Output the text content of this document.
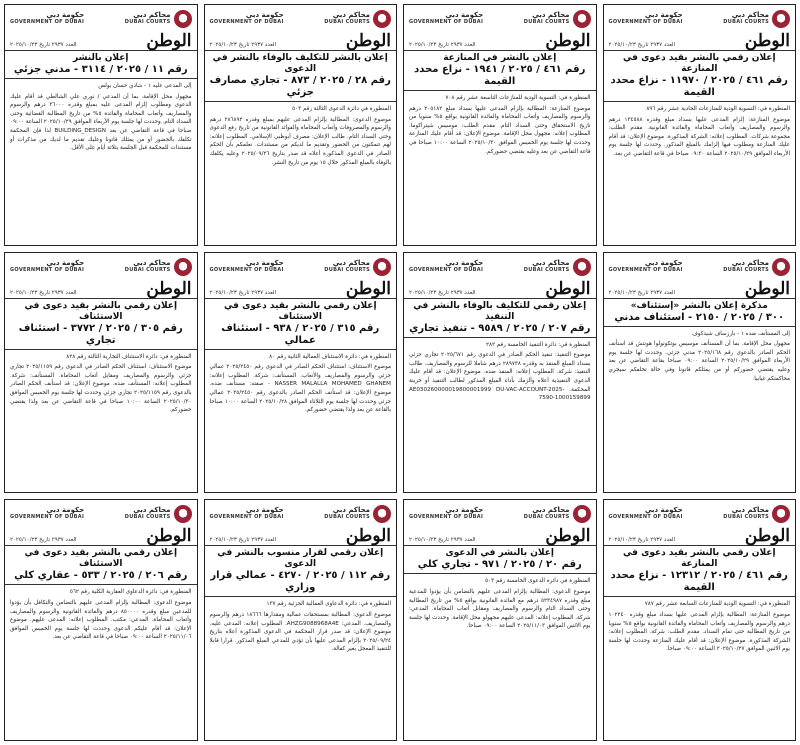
محاكم دبي
DUBAI COURTS
حكومة دبي
GOVERNMENT OF DUBAI
الوطن
العدد ٢٩٣٧ تاريخ ٢٠٢٥/١٠/٢٣
إعلان بالنشر
رقم ١١ / ٢٠٢٥ / ٣١١٤ - مدني جزئي

إلى المدعى عليه ١ - شادي حسان بولص

مجهول محل الإقامة. بما أن المدعي / نوري علي الشالطي قد أقام عليك الدعوى ومطلوب إلزام المدعى عليه بمبلغ وقدره ٣٦٠٠٠ درهم والرسوم والمصاريف وأتعاب المحاماة والفائدة ٥% من تاريخ المطالبة القضائية وحتى السداد التام. وحددت لها جلسة يوم الأربعاء الموافق ٢٠٢٥/١٠/٢٩ الساعة ٠٩:٠٠ صباحا في قاعة التقاضي عن بعد BUILDING_DESIGN لذا فإن المحكمة تكلفك بالحضور أو من يمثلك قانونا وعليك تقديم ما لديك من مذكرات أو مستندات للمحكمة قبل الجلسة بثلاثة أيام على الأقل.

محاكم دبي
DUBAI COURTS
حكومة دبي
GOVERNMENT OF DUBAI
الوطن
العدد ٢٩٣٧ تاريخ ٢٠٢٥/١٠/٢٣
إعلان بالنشر للتكليف بالوفاء بالنشر في الدعوى
رقم ٢٨ / ٢٠٢٥ / ٨٧٣ - تجاري مصارف جزئي

المنظورة في دائرة الدعوى الثالثة رقم ٥٠٣

موضوع الدعوى: المطالبة بإلزام المدعى عليهم بمبلغ وقدره ٢٨٦٨٩٢ درهم والرسوم والمصروفات وأتعاب المحاماة والفوائد القانونية من تاريخ رفع الدعوى وحتى السداد التام. طالب الإعلان: مصرف أبوظبي الإسلامي. المطلوب إعلانه: لهم تتمكنون من الحضور وتقديم ما لديكم من مستندات. نعلمكم بأن الحكم الصادر في الدعوى المذكورة أعلاه قد صدر بتاريخ ٢٠٢٥/٠٩/٢٦ وعليه يكلفك بالوفاء بالمبلغ المذكور خلال ١٥ يوم من تاريخ النشر.

محاكم دبي
DUBAI COURTS
حكومة دبي
GOVERNMENT OF DUBAI
الوطن
العدد ٢٩٣٧ تاريخ ٢٠٢٥/١٠/٢٣
إعلان بالنشر في المنازعة
رقم ٤٦١ / ٢٠٢٥ / ١٩٤١ - نزاع محدد القيمة

المنظورة في: التسوية الودية للمنازعات التاسعة عشر رقم ٧٠٨

موضوع المنازعة: المطالبة بإلزام المدعى عليها بسداد مبلغ ٢٠٥١٨٢ درهم والرسوم والمصاريف وأتعاب المحاماة والفائدة القانونية بواقع ٥% سنويا من تاريخ الاستحقاق وحتى السداد التام. مقدم الطلب: موسيس شيتراكوما. المطلوب إعلانه: مجهول محل الإقامة. موضوع الإعلان: قد أقام عليك المنازعة وحددت لها جلسة يوم الخميس الموافق ٢٠٢٥/١٠/٣٠ الساعة ١٠:٠٠ صباحا في قاعة التقاضي عن بعد وعليه يقتضي حضوركم.

محاكم دبي
DUBAI COURTS
حكومة دبي
GOVERNMENT OF DUBAI
الوطن
العدد ٢٩٣٧ تاريخ ٢٠٢٥/١٠/٢٣
إعلان رقمي بالنشر بقيد دعوى في المنازعة
رقم ٤٦١ / ٢٠٢٥ / ١١٩٧٠ - نزاع محدد القيمة

المنظورة في: التسوية الودية للمنازعات الحادية عشر رقم ٨٩٦

موضوع المنازعة: إلزام المدعى عليها بسداد مبلغ وقدره ١٣٤٥٨٨ درهم والرسوم والمصاريف وأتعاب المحاماة والفائدة القانونية. مقدم الطلب: مجموعة شركات. المطلوب إعلانه: الشركة المذكورة. موضوع الإعلان: قد أقام عليك المنازعة ومطلوب فيها إلزامك بالمبلغ المذكور. وحددت لها جلسة يوم الأربعاء الموافق ٢٠٢٥/١٠/٢٩ الساعة ٠٩:٣٠ صباحا في قاعة التقاضي عن بعد.

محاكم دبي
DUBAI COURTS
حكومة دبي
GOVERNMENT OF DUBAI
الوطن
العدد ٢٩٣٧ تاريخ ٢٠٢٥/١٠/٢٣
إعلان رقمي بالنشر بقيد دعوى في الاستئناف
رقم ٣٠٥ / ٢٠٢٥ / ٣٧٧٢ - استئناف تجاري

المنظورة في: دائرة الاستئناف التجارية الثالثة رقم ٨٢٨

موضوع الاستئناف: استئناف الحكم الصادر في الدعوى رقم ٢٠٢٥/١١٥٩ تجاري جزئي والرسوم والمصاريف ومقابل أتعاب المحاماة. المستأنف: شركة. المطلوب إعلانه: المستأنف ضده. موضوع الإعلان: قد استأنف الحكم الصادر بالدعوى رقم ٢٠٢٥/١١٥٩ تجاري جزئي وحددت لها جلسة يوم الخميس الموافق ٢٠٢٥/١٠/٣٠ الساعة ١٠:٠٠ صباحا في قاعة التقاضي عن بعد ولذا يقتضي حضوركم.

محاكم دبي
DUBAI COURTS
حكومة دبي
GOVERNMENT OF DUBAI
الوطن
العدد ٢٩٣٧ تاريخ ٢٠٢٥/١٠/٢٣
إعلان رقمي بالنشر بقيد دعوى في الاستئناف
رقم ٣١٥ / ٢٠٢٥ / ٩٣٨ - استئناف عمالي

المنظورة في: دائرة الاستئناف العمالية الثانية رقم ٨٠

موضوع الاستئناف: استئناف الحكم الصادر في الدعوى رقم ٢٠٢٥/٢٤٥٠ عمالي جزئي والرسوم والمصاريف والأتعاب. المستأنف: شركة. المطلوب إعلانه: NASSER MALALLA MOHAMED GHANEM - صفته: مستأنف ضده. موضوع الإعلان: قد استأنف الحكم الصادر بالدعوى رقم ٢٠٢٥/٢٤٥٠ عمالي جزئي وحددت لها جلسة يوم الثلاثاء الموافق ٢٠٢٥/١٠/٢٨ الساعة ١٠:٠٠ صباحا بالقاعة عن بعد ولذا يقتضي حضوركم.

محاكم دبي
DUBAI COURTS
حكومة دبي
GOVERNMENT OF DUBAI
الوطن
العدد ٢٩٣٧ تاريخ ٢٠٢٥/١٠/٢٣
إعلان رقمي للتكليف بالوفاء بالنشر في التنفيذ
رقم ٢٠٧ / ٢٠٢٥ / ٩٥٨٩ - تنفيذ تجاري

المنظورة في: دائرة التنفيذ الخامسة رقم ٢٨٢

موضوع التنفيذ: تنفيذ الحكم الصادر في الدعوى رقم ٢٠٢٥/٦٧١ تجاري جزئي بسداد المبلغ المنفذ به وقدره ٢٨٩٧٣٨ درهم شاملا للرسوم والمصاريف. طالب التنفيذ: شركة. المطلوب إعلانه: المنفذ ضده. موضوع الإعلان: قد أقام عليك الدعوى التنفيذية أعلاه وألزمك بأداء المبلغ المذكور لطالب التنفيذ أو خزينة المحكمة. AE030260000019800001999 DU-VAC-ACCOUNT-2025-7590-1000159899

محاكم دبي
DUBAI COURTS
حكومة دبي
GOVERNMENT OF DUBAI
الوطن
العدد ٢٩٣٧ تاريخ ٢٠٢٥/١٠/٢٣
مذكرة إعلان بالنشر «إستئناف»
٣٠٠ / ٢٠٢٥ / ٢١٥٠ - استئناف مدني

إلى المستأنف ضده ١ - بارزساف شيدكوف

مجهول محل الإقامة. بما أن المستأنف موسيس بوتكونولوا هونتش قد استأنف الحكم الصادر بالدعوى رقم ٢٠٢٥/١٦٨ مدني جزئي. وحددت لها جلسة يوم الأربعاء الموافق ٢٠٢٥/١٠/٢٩ الساعة ٠٩:٠٠ صباحا بقاعة التقاضي عن بعد وعليه يقتضي حضوركم أو من يمثلكم قانونا وفي حالة تخلفكم سيجري محاكمتكم غيابيا.

محاكم دبي
DUBAI COURTS
حكومة دبي
GOVERNMENT OF DUBAI
الوطن
العدد ٢٩٣٧ تاريخ ٢٠٢٥/١٠/٢٣
إعلان رقمي بالنشر بقيد دعوى في الاستئناف
رقم ٢٠٦ / ٢٠٢٥ / ٥٣٣ - عقاري كلي

المنظورة في: دائرة الدعاوى العقارية الكلية رقم ٥٦٢

موضوع الدعوى: المطالبة بإلزام المدعى عليهم بالتضامن والتكافل بأن يؤدوا للمدعين مبلغ وقدره ٨٥٠٠٠٠ درهم والفائدة القانونية والرسوم والمصاريف وأتعاب المحاماة. المدعي: مكتب. المطلوب إعلانه: المدعى عليهم. موضوع الإعلان: قد أقام عليكم الدعوى وحددت لها جلسة يوم الخميس الموافق ٢٠٢٥/١١/٠٦ الساعة ٠٩:٠٠ صباحا في قاعة التقاضي عن بعد.

محاكم دبي
DUBAI COURTS
حكومة دبي
GOVERNMENT OF DUBAI
الوطن
العدد ٢٩٣٧ تاريخ ٢٠٢٥/١٠/٢٣
إعلان رقمي لقرار منسوب بالنشر في الدعوى
رقم ١١٢ / ٢٠٢٥ / ٤٢٧٠ - عمالي قرار وزاري

المنظورة في: دائرة الدعاوى العمالية الجزئية رقم ١٣٧

موضوع الدعوى: المطالبة بمستحقات عمالية ومقدارها ١٨٦٦٦ درهم والرسوم والمصاريف. المدعي: AHZG9088968A4E. المطلوب إعلانه: المدعى عليه. موضوع الإعلان: قد صدر قرار المحكمة في الدعوى المذكورة أعلاه بتاريخ ٢٠٢٥/٠٩/٢٤ بإلزام المدعى عليها بأن تؤدي للمدعي المبلغ المذكور. قرارا قابلا للتنفيذ المعجل بغير كفالة.

محاكم دبي
DUBAI COURTS
حكومة دبي
GOVERNMENT OF DUBAI
الوطن
العدد ٢٩٣٧ تاريخ ٢٠٢٥/١٠/٢٣
إعلان بالنشر في الدعوى
رقم ٢٠ / ٢٠٢٥ / ٩٧١ - تجاري كلي

المنظورة في دائرة الدعوى الخامسة رقم ٥٠٣

موضوع الدعوى: المطالبة بإلزام المدعى عليهم بالتضامن بأن يؤدوا للمدعية مبلغ وقدره ٥٢٣٤٩٨٧ درهم مع الفائدة القانونية بواقع ٥% من تاريخ المطالبة وحتى السداد التام والرسوم والمصاريف ومقابل أتعاب المحاماة. المدعي: شركة. المطلوب إعلانه: المدعى عليهم مجهولو محل الإقامة. وحددت لها جلسة يوم الاثنين الموافق ٢٠٢٥/١١/٠٣ الساعة ٠٩:٠٠ صباحا.

محاكم دبي
DUBAI COURTS
حكومة دبي
GOVERNMENT OF DUBAI
الوطن
العدد ٢٩٣٧ تاريخ ٢٠٢٥/١٠/٢٣
إعلان رقمي بالنشر بقيد دعوى في المنازعة
رقم ٤٦١ / ٢٠٢٥ / ١٢٣١٢ - نزاع محدد القيمة

المنظورة في: التسوية الودية للمنازعات السابعة عشر رقم ٧٨٧

موضوع المنازعة: المطالبة بإلزام المدعى عليها بسداد مبلغ وقدره ١٠٢٢٤٠ درهم والرسوم والمصاريف وأتعاب المحاماة والفائدة القانونية بواقع ٥% سنويا من تاريخ المطالبة حتى تمام السداد. مقدم الطلب: شركة. المطلوب إعلانه: الشركة المذكورة. موضوع الإعلان: قد أقام عليك المنازعة وحددت لها جلسة يوم الاثنين الموافق ٢٠٢٥/١٠/٢٧ الساعة ٠٩:٠٠ صباحا.
